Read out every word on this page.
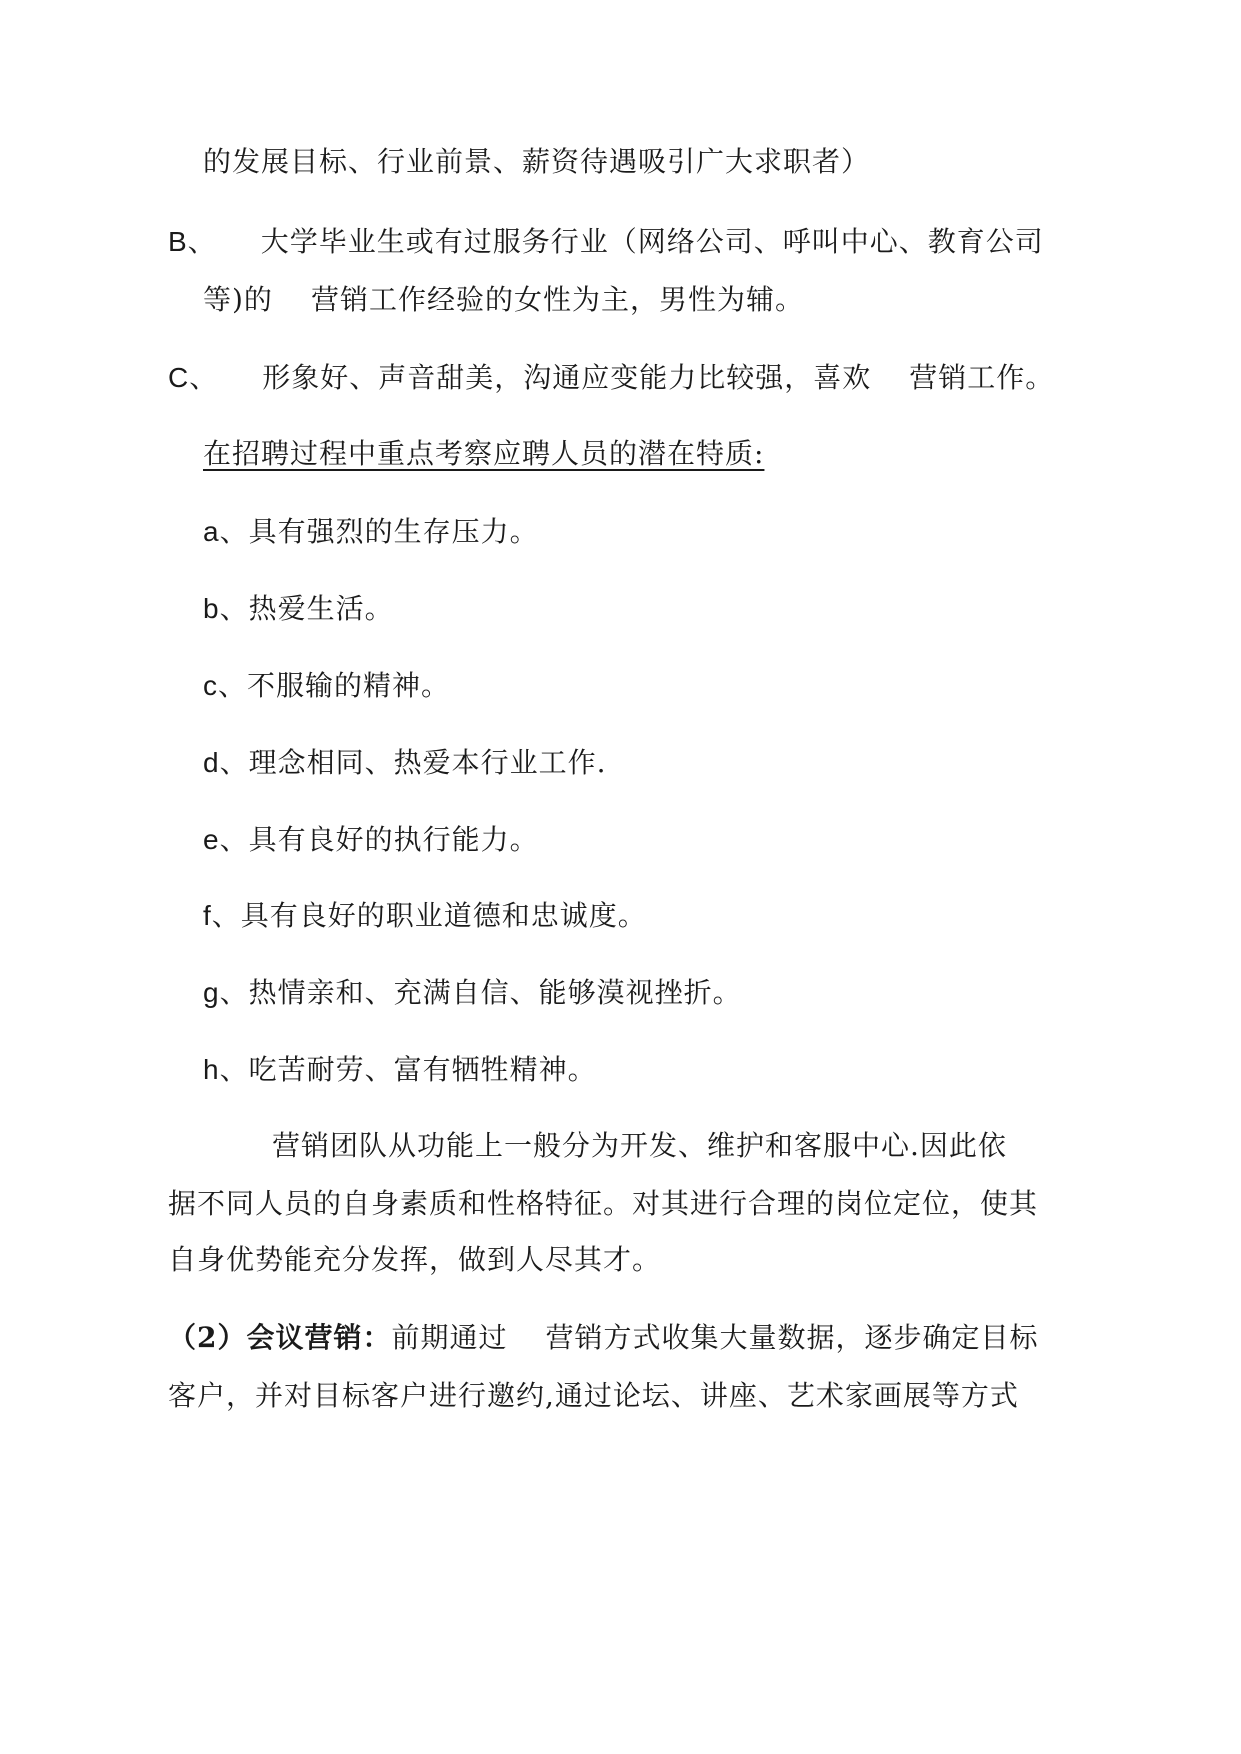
的发展目标、行业前景、薪资待遇吸引广大求职者）
B、 大学毕业生或有过服务行业（网络公司、呼叫中心、教育公司
等)的 营销工作经验的女性为主，男性为辅。
C、 形象好、声音甜美，沟通应变能力比较强，喜欢 营销工作。
在招聘过程中重点考察应聘人员的潜在特质:
a、具有强烈的生存压力。
b、热爱生活。
c、不服输的精神。
d、理念相同、热爱本行业工作.
e、具有良好的执行能力。
f、具有良好的职业道德和忠诚度。
g、热情亲和、充满自信、能够漠视挫折。
h、吃苦耐劳、富有牺牲精神。
营销团队从功能上一般分为开发、维护和客服中心.因此依
据不同人员的自身素质和性格特征。对其进行合理的岗位定位，使其
自身优势能充分发挥，做到人尽其才。
（2）会议营销：前期通过 营销方式收集大量数据，逐步确定目标
客户，并对目标客户进行邀约,通过论坛、讲座、艺术家画展等方式
